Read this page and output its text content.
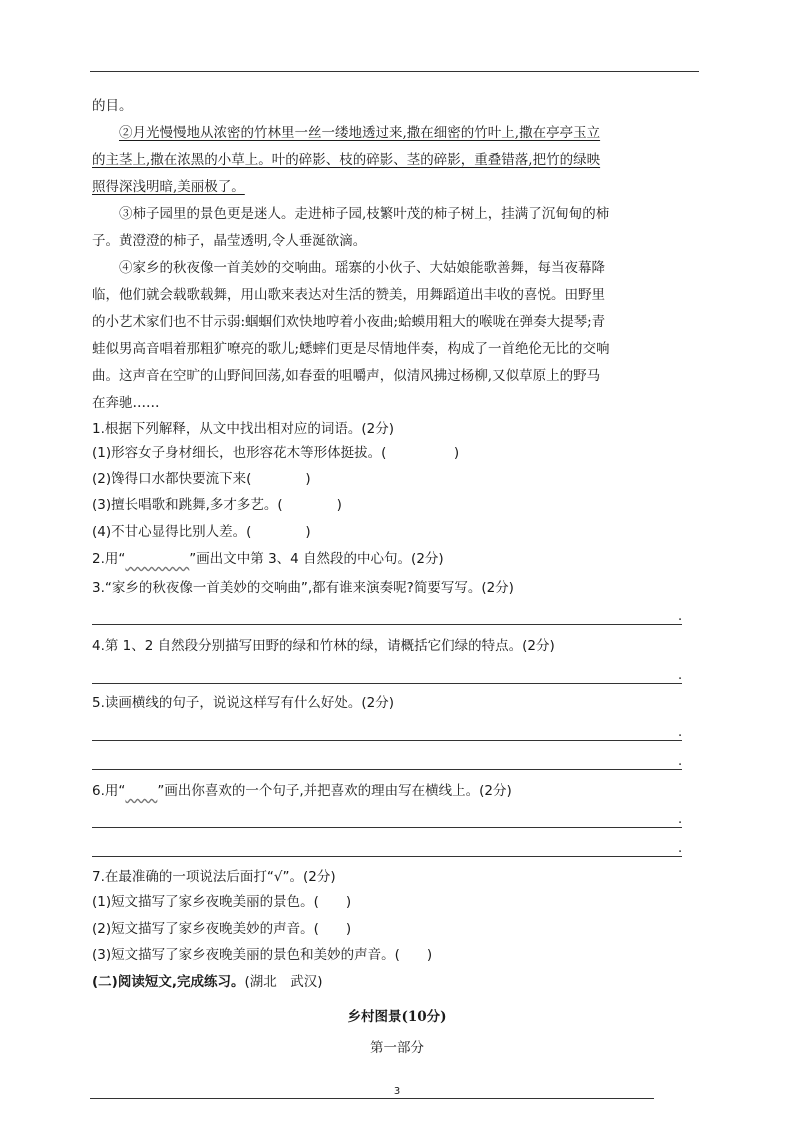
的目。
②月光慢慢地从浓密的竹林里一丝一缕地透过来,撒在细密的竹叶上,撒在亭亭玉立
的主茎上,撒在浓黑的小草上。叶的碎影、枝的碎影、茎的碎影，重叠错落,把竹的绿映
照得深浅明暗,美丽极了。
③柿子园里的景色更是迷人。走进柿子园,枝繁叶茂的柿子树上，挂满了沉甸甸的柿
子。黄澄澄的柿子，晶莹透明,令人垂涎欲滴。
④家乡的秋夜像一首美妙的交响曲。瑶寨的小伙子、大姑娘能歌善舞，每当夜幕降
临，他们就会载歌载舞，用山歌来表达对生活的赞美，用舞蹈道出丰收的喜悦。田野里
的小艺术家们也不甘示弱:蝈蝈们欢快地哼着小夜曲;蛤蟆用粗大的喉咙在弹奏大提琴;青
蛙似男高音唱着那粗犷嘹亮的歌儿;蟋蟀们更是尽情地伴奏，构成了一首绝伦无比的交响
曲。这声音在空旷的山野间回荡,如春蚕的咀嚼声，似清风拂过杨柳,又似草原上的野马
在奔驰……
1.根据下列解释，从文中找出相对应的词语。(2分)
(1)形容女子身材细长，也形容花木等形体挺拔。(　　　　　)
(2)馋得口水都快要流下来(　　　　)
(3)擅长唱歌和跳舞,多才多艺。(　　　　)
(4)不甘心显得比别人差。(　　　　)
2.用“	”画出文中第 3、4 自然段的中心句。(2分)
3.“家乡的秋夜像一首美妙的交响曲”,都有谁来演奏呢?简要写写。(2分)
.
4.第 1、2 自然段分别描写田野的绿和竹林的绿，请概括它们绿的特点。(2分)
.
5.读画横线的句子，说说这样写有什么好处。(2分)
.
.
6.用“ ”画出你喜欢的一个句子,并把喜欢的理由写在横线上。(2分)
.
.
7.在最准确的一项说法后面打“√”。(2分)
(1)短文描写了家乡夜晚美丽的景色。(　　)
(2)短文描写了家乡夜晚美妙的声音。(　　)
(3)短文描写了家乡夜晚美丽的景色和美妙的声音。(　　)
(二)阅读短文,完成练习。(湖北　武汉)
乡村图景(10分)
第一部分
3
